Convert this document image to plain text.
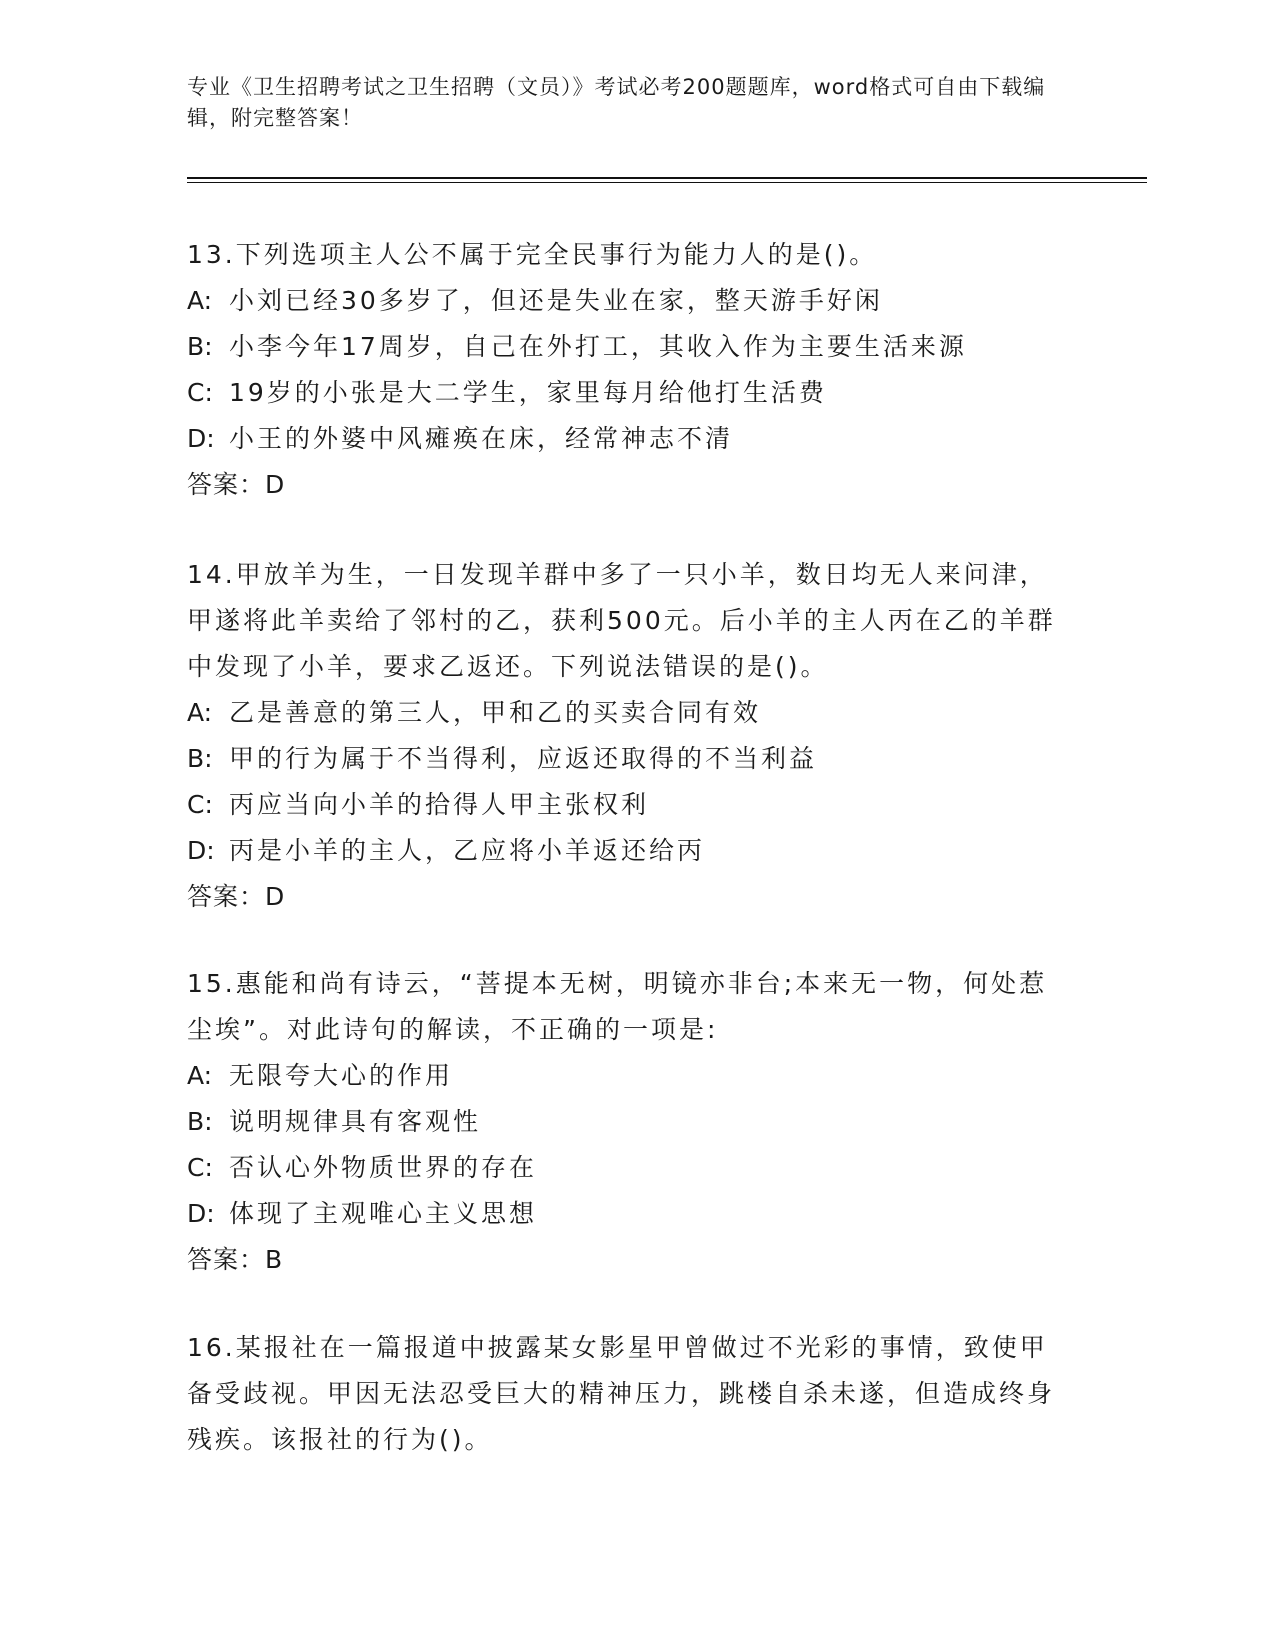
专业《卫生招聘考试之卫生招聘（文员）》考试必考200题题库，word格式可自由下载编辑，附完整答案！

13.下列选项主人公不属于完全民事行为能力人的是()。

A: 小刘已经30多岁了，但还是失业在家，整天游手好闲

B: 小李今年17周岁，自己在外打工，其收入作为主要生活来源

C: 19岁的小张是大二学生，家里每月给他打生活费

D: 小王的外婆中风瘫痪在床，经常神志不清

答案：D

14.甲放羊为生，一日发现羊群中多了一只小羊，数日均无人来问津，甲遂将此羊卖给了邻村的乙，获利500元。后小羊的主人丙在乙的羊群中发现了小羊，要求乙返还。下列说法错误的是()。

A: 乙是善意的第三人，甲和乙的买卖合同有效

B: 甲的行为属于不当得利，应返还取得的不当利益

C: 丙应当向小羊的拾得人甲主张权利

D: 丙是小羊的主人，乙应将小羊返还给丙

答案：D

15.惠能和尚有诗云，“菩提本无树，明镜亦非台;本来无一物，何处惹尘埃”。对此诗句的解读，不正确的一项是:

A: 无限夸大心的作用

B: 说明规律具有客观性

C: 否认心外物质世界的存在

D: 体现了主观唯心主义思想

答案：B

16.某报社在一篇报道中披露某女影星甲曾做过不光彩的事情，致使甲备受歧视。甲因无法忍受巨大的精神压力，跳楼自杀未遂，但造成终身残疾。该报社的行为()。
